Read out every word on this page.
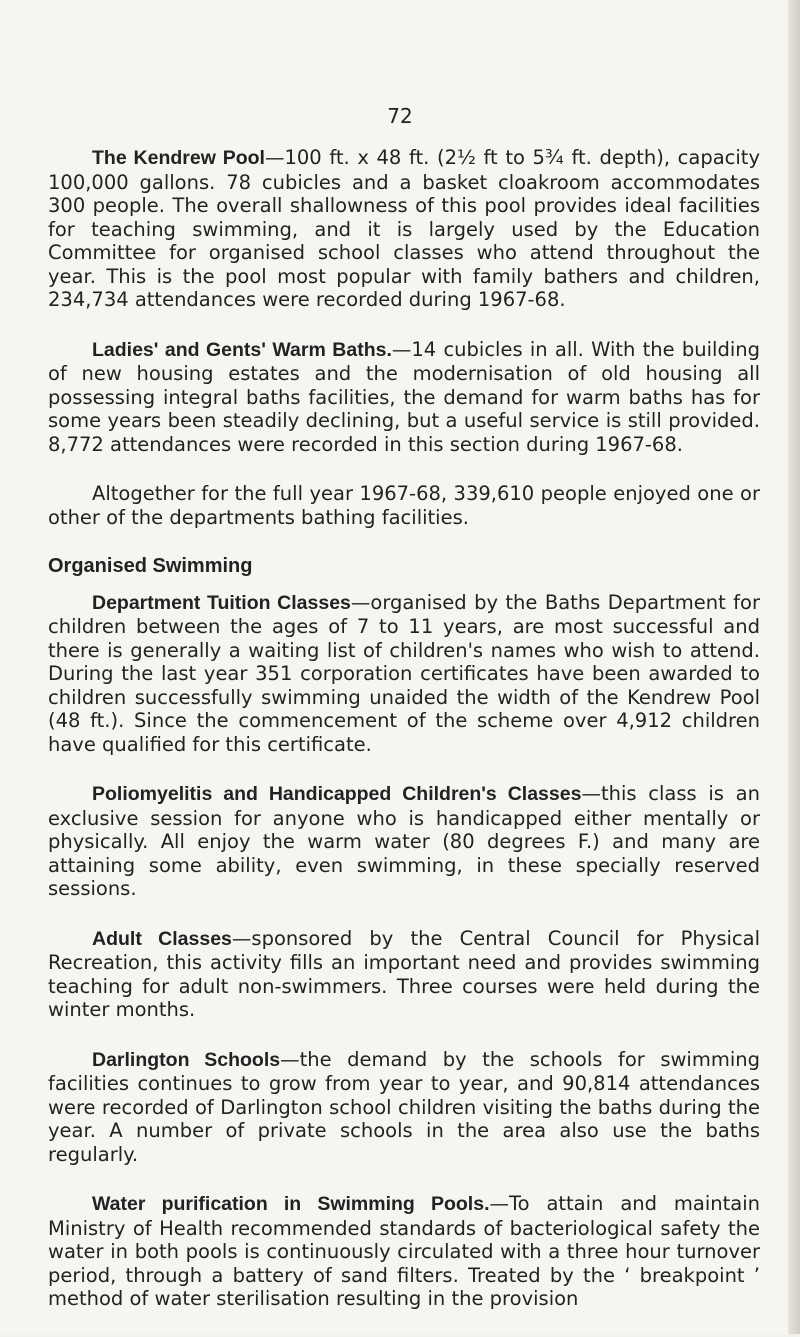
72

The Kendrew Pool—100 ft. x 48 ft. (2½ ft to 5¾ ft. depth), capacity 100,000 gallons. 78 cubicles and a basket cloakroom accommodates 300 people. The overall shallowness of this pool provides ideal facilities for teaching swimming, and it is largely used by the Education Committee for organised school classes who attend throughout the year. This is the pool most popular with family bathers and children, 234,734 attendances were recorded during 1967-68.

Ladies' and Gents' Warm Baths.—14 cubicles in all. With the building of new housing estates and the modernisation of old housing all possessing integral baths facilities, the demand for warm baths has for some years been steadily declining, but a useful service is still provided. 8,772 attendances were recorded in this section during 1967-68.

Altogether for the full year 1967-68, 339,610 people enjoyed one or other of the departments bathing facilities.

Organised Swimming

Department Tuition Classes—organised by the Baths Department for children between the ages of 7 to 11 years, are most successful and there is generally a waiting list of children's names who wish to attend. During the last year 351 corporation certificates have been awarded to children successfully swimming unaided the width of the Kendrew Pool (48 ft.). Since the commencement of the scheme over 4,912 children have qualified for this certificate.

Poliomyelitis and Handicapped Children's Classes—this class is an exclusive session for anyone who is handicapped either mentally or physically. All enjoy the warm water (80 degrees F.) and many are attaining some ability, even swimming, in these specially reserved sessions.

Adult Classes—sponsored by the Central Council for Physical Recreation, this activity fills an important need and provides swimming teaching for adult non-swimmers. Three courses were held during the winter months.

Darlington Schools—the demand by the schools for swimming facilities continues to grow from year to year, and 90,814 attendances were recorded of Darlington school children visiting the baths during the year. A number of private schools in the area also use the baths regularly.

Water purification in Swimming Pools.—To attain and maintain Ministry of Health recommended standards of bacteriological safety the water in both pools is continuously circulated with a three hour turnover period, through a battery of sand filters. Treated by the ‘ breakpoint ’ method of water sterilisation resulting in the provision
